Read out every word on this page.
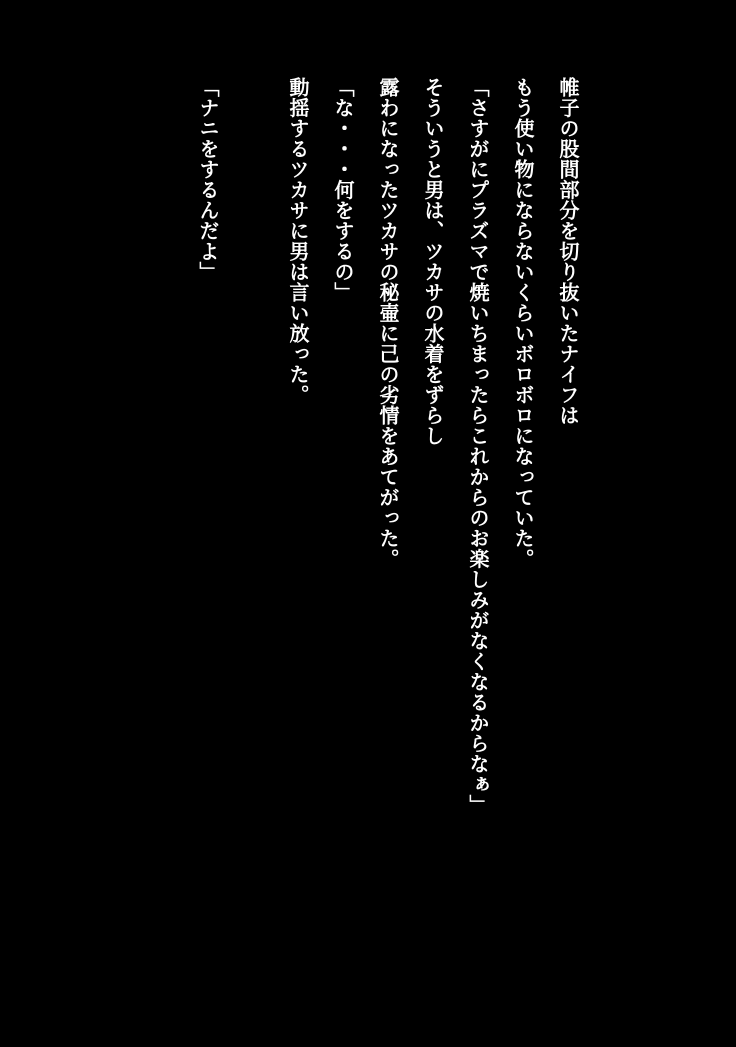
帷子の股間部分を切り抜いたナイフは
もう使い物にならないくらいボロボロになっていた。
「さすがにプラズマで焼いちまったらこれからのお楽しみがなくなるからなぁ」
そういうと男は、ツカサの水着をずらし
露わになったツカサの秘壷に己の劣情をあてがった。
「な・・・何をするの」
動揺するツカサに男は言い放った。

「ナニをするんだよ」
